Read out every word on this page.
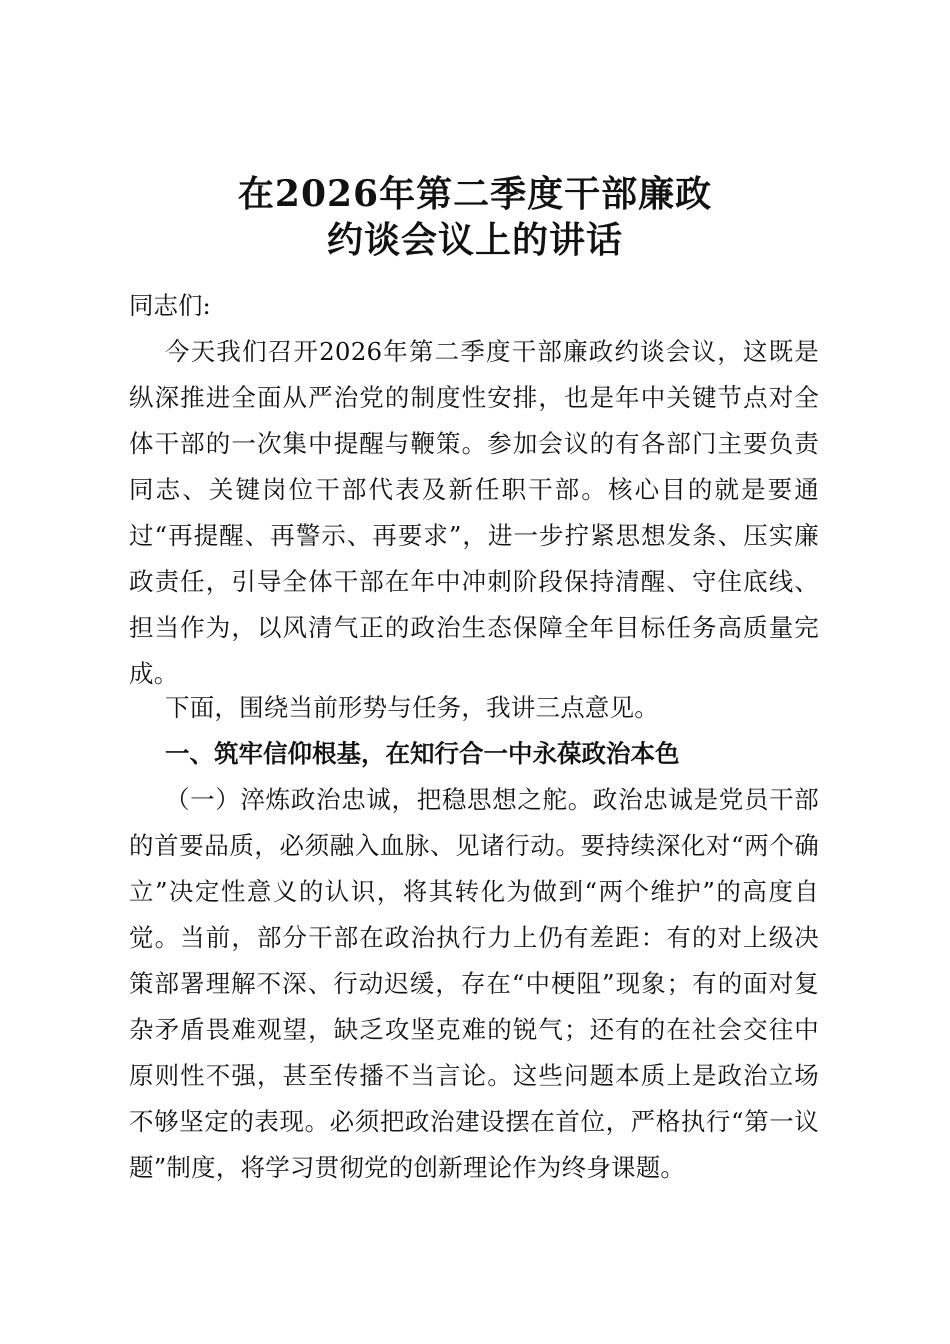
在2026年第二季度干部廉政
约谈会议上的讲话
同志们:
今天我们召开2026年第二季度干部廉政约谈会议，这既是纵深推进全面从严治党的制度性安排，也是年中关键节点对全体干部的一次集中提醒与鞭策。参加会议的有各部门主要负责同志、关键岗位干部代表及新任职干部。核心目的就是要通过“再提醒、再警示、再要求”，进一步拧紧思想发条、压实廉政责任，引导全体干部在年中冲刺阶段保持清醒、守住底线、担当作为，以风清气正的政治生态保障全年目标任务高质量完成。
下面，围绕当前形势与任务，我讲三点意见。
一、筑牢信仰根基，在知行合一中永葆政治本色
（一）淬炼政治忠诚，把稳思想之舵。政治忠诚是党员干部的首要品质，必须融入血脉、见诸行动。要持续深化对“两个确立”决定性意义的认识，将其转化为做到“两个维护”的高度自觉。当前，部分干部在政治执行力上仍有差距：有的对上级决策部署理解不深、行动迟缓，存在“中梗阻”现象；有的面对复杂矛盾畏难观望，缺乏攻坚克难的锐气；还有的在社会交往中原则性不强，甚至传播不当言论。这些问题本质上是政治立场不够坚定的表现。必须把政治建设摆在首位，严格执行“第一议题”制度，将学习贯彻党的创新理论作为终身课题。
